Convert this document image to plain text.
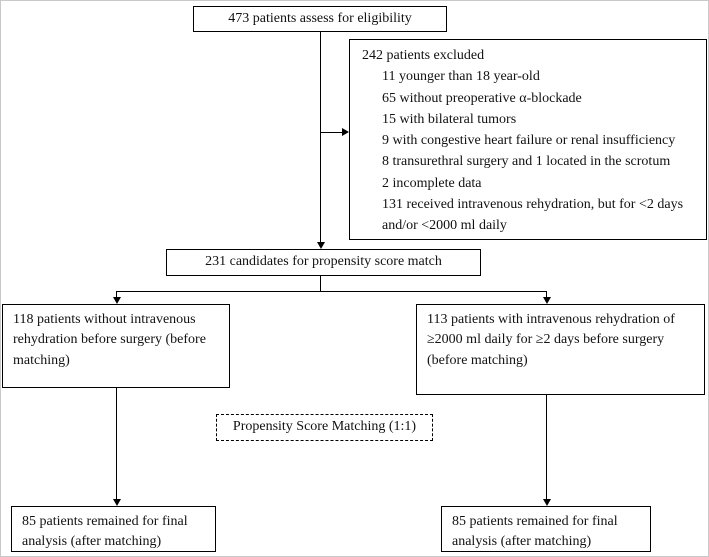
473 patients assess for eligibility
242 patients excluded
11 younger than 18 year-old
65 without preoperative α-blockade
15 with bilateral tumors
9 with congestive heart failure or renal insufficiency
8 transurethral surgery and 1 located in the scrotum
2 incomplete data
131 received intravenous rehydration, but for <2 days and/or <2000 ml daily
231 candidates for propensity score match
118 patients without intravenous rehydration before surgery (before matching)
113 patients with intravenous rehydration of ≥2000 ml daily for ≥2 days before surgery (before matching)
Propensity Score Matching (1:1)
85 patients remained for final analysis (after matching)
85 patients remained for final analysis (after matching)
